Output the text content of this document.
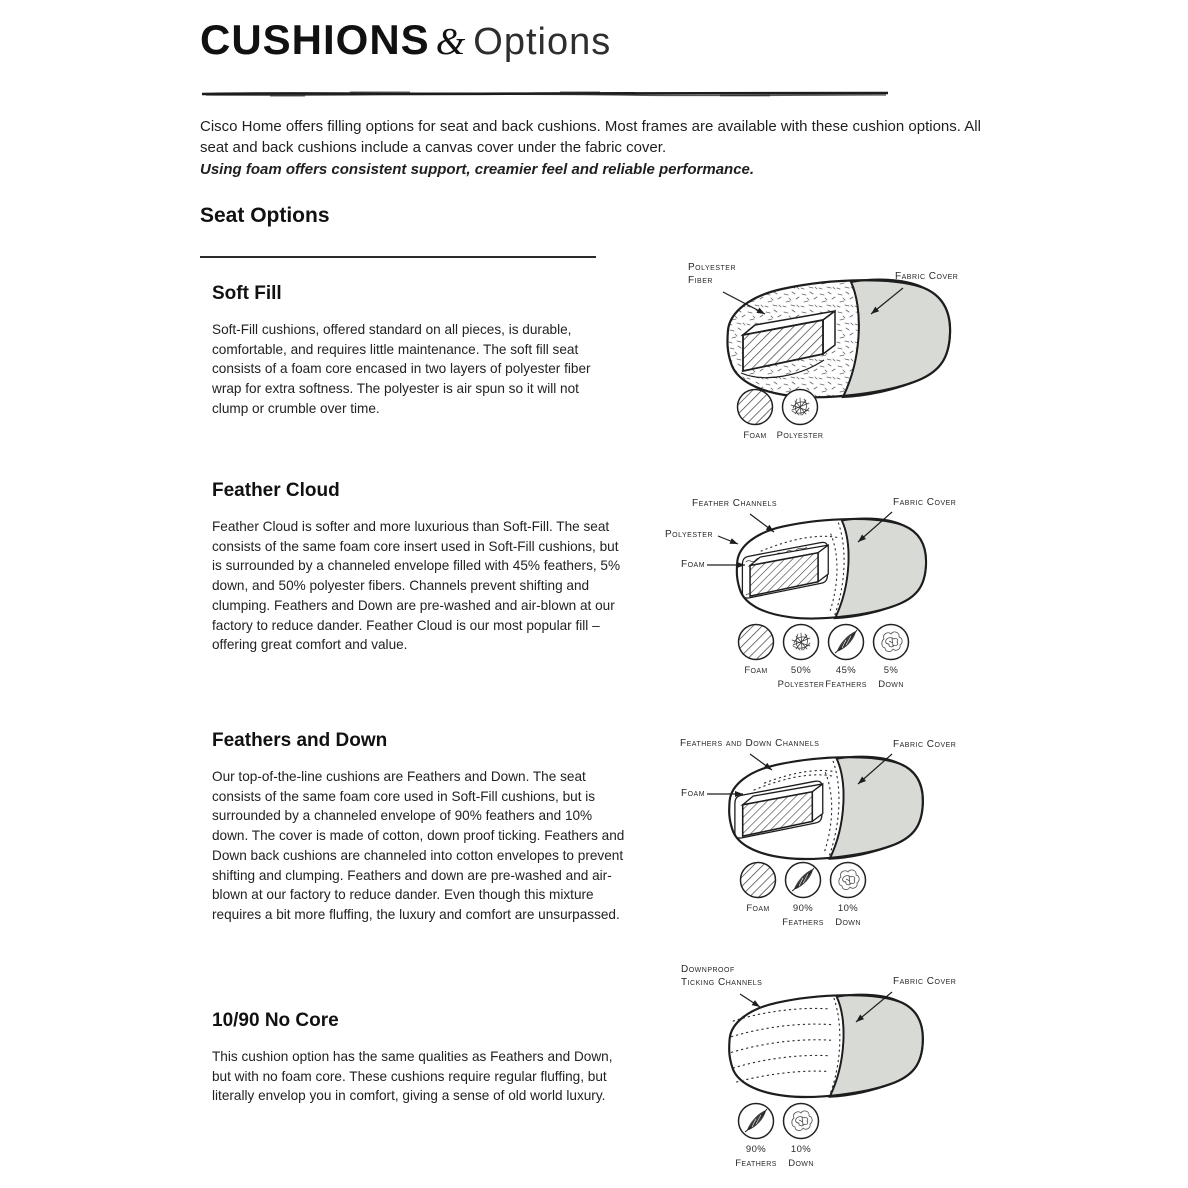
CUSHIONS & Options
Cisco Home offers filling options for seat and back cushions. Most frames are available with these cushion options. All seat and back cushions include a canvas cover under the fabric cover.
Using foam offers consistent support, creamier feel and reliable performance.
Seat Options
Soft Fill
Soft-Fill cushions, offered standard on all pieces, is durable, comfortable, and requires little maintenance. The soft fill seat consists of a foam core encased in two layers of polyester fiber wrap for extra softness. The polyester is air spun so it will not clump or crumble over time.
Polyester
Fiber	Fabric Cover
Foam Polyester
Feather Cloud
Feather Cloud is softer and more luxurious than Soft-Fill. The seat consists of the same foam core insert used in Soft-Fill cushions, but is surrounded by a channeled envelope filled with 45% feathers, 5% down, and 50% polyester fibers. Channels prevent shifting and clumping. Feathers and Down are pre-washed and air-blown at our factory to reduce dander. Feather Cloud is our most popular fill – offering great comfort and value.
Feather Channels
Polyester
Foam
Fabric Cover
Foam 50%
Polyester
45%
Feathers
5%
Down
Feathers and Down
Our top-of-the-line cushions are Feathers and Down. The seat consists of the same foam core used in Soft-Fill cushions, but is surrounded by a channeled envelope of 90% feathers and 10% down. The cover is made of cotton, down proof ticking. Feathers and Down back cushions are channeled into cotton envelopes to prevent shifting and clumping. Feathers and down are pre-washed and air-blown at our factory to reduce dander. Even though this mixture requires a bit more fluffing, the luxury and comfort are unsurpassed.
Feathers and Down Channels
Foam
Fabric Cover
Foam 90%
Feathers
10%
Down
10/90 No Core
This cushion option has the same qualities as Feathers and Down, but with no foam core. These cushions require regular fluffing, but literally envelop you in comfort, giving a sense of old world luxury.
Downproof
Ticking Channels	Fabric Cover
90%
Feathers
10%
Down
